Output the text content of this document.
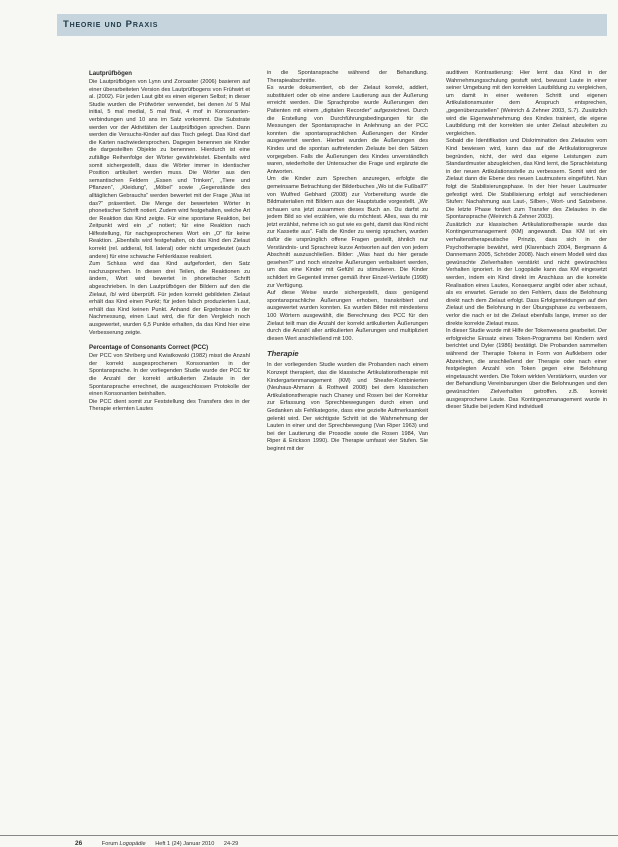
Theorie und Praxis
Lautprüfbögen

Die Lautprüfbögen von Lynn und Zoroaster (2006) basieren auf einer überarbeiteten Version des Lautprüfbogens von Frühwirt et al. (2002). Für jeden Laut gibt es einen eigenen Selbst; in dieser Studie wurden die Prüfwörter verwendet, bei denen /s/ 5 Mal initial, 5 mal medial, 5 mal final, 4 mof in Konsonanten-verbindungen und 10 ans im Satz vorkommt. Die Substrate werden vor der Aktivitäten der Lautprüfbögen sprechen. Dann werden die Versuchs-Kinder auf das Tisch gelegt. Das Kind darf die Karten nachwiedersprochen. Dagegen benennen sie Kinder die dargestellten Objekte zu benennen. Hierdurch ist eine zufällige Reihenfolge der Wörter gewährleistet. Ebenfalls wird somit sichergestellt, dass die Wörter immer in identischer Position artikuliert werden muss. Die Wörter aus den semantischen Feldern „Essen und Trinken“, „Tiere und Pflanzen“, „Kleidung“, „Möbel“ sowie „Gegenstände des alltäglichen Gebrauchs“ werden bewertet mit der Frage „Was ist das?“ präsentiert. Die Menge der bewerteten Wörter in phonetischer Schrift notiert. Zudem wird festgehalten, welche Art der Reaktion das Kind zeigte. Für eine spontane Reaktion, bei Zeitpunkt wird ein „x“ notiert; für eine Reaktion nach Hilfestellung, für nachgesprochenes Wort ein „O“ für keine Reaktion. „Ebenfalls wird festgehalten, ob das Kind den Zielaut korrekt (rel. addieral, foll. lateral) oder nicht umgedeutet (auch andere) für eine schwache Fehlerklasse realisiert.

Zum Schluss wird das Kind aufgefordert, den Satz nachzusprechen. In diesen drei Teilen, die Reaktionen zu ändern, Wort wird bewertet in phonetischer Schrift abgeschrieben. In den Lautprüfbögen der Bildern auf den die Zielaut, /b/ wird überprüft. Für jeden korrekt gebildeten Zielaut erhält das Kind einen Punkt; für jeden falsch produzierten Laut, erhält das Kind keinen Punkt. Anhand der Ergebnisse in der Nachmessung, einen Laut wird, die für den Vergleich noch ausgewertet, wurden 6,5 Punkte erhalten, da das Kind hier eine Verbesserung zeigte.

Percentage of Consonants Correct (PCC)

Der PCC von Shriberg und Kwiatkowski (1982) misst die Anzahl der korrekt ausgesprochenen Konsonanten in der Spontansprache. In der vorliegenden Studie wurde der PCC für die Anzahl der korrekt artikulierten Zielaute in der Spontansprache errechnet, die ausgeschlossen Protokolle der einen Konsonanten beinhalten.

Die PCC dient somit zur Feststellung des Transfers des in der Therapie erlernten Lautes

in die Spontansprache während der Behandlung. Therapieabschnitte.

Es wurde dokumentiert, ob der Zielaut korrekt, addiert, substituiert oder ob eine andere Lautierung aus der Äußerung erreicht werden. Die Sprachprobe wurde Äußerungen den Patienten mit einem „digitalen Recorder“ aufgezeichnet. Durch die Erstellung von Durchführungsbedingungen für die Messungen der Spontansprache in Anlehnung an der PCC konnten die spontansprachlichen Äußerungen der Kinder ausgewertet werden. Hierbei wurden die Äußerungen des Kindes und die spontan auftretenden Zielaute bei den Sätzen vorgegeben. Falls die Äußerungen des Kindes unverständlich waren, wiederholte der Untersucher die Frage und ergänzte die Antworten.

Um die Kinder zum Sprechen anzuregen, erfolgte die gemeinsame Betrachtung der Bilderbuches „Wo ist die Fußball?“ von Wulfred Gebhard (2008) zur Vorbereitung wurde die Bildmaterialien mit Bildern aus der Hauptstudie vorgestellt. „Wir schauen uns jetzt zusammen dieses Buch an. Du darfst zu jedem Bild so viel erzählen, wie du möchtest. Alles, was du mir jetzt erzählst, nehme ich so gut wie es geht, damit das Kind nicht zur Kassette aus“. Falls die Kinder zu wenig sprachen, wurden dafür die ursprünglich offene Fragen gestellt, ähnlich nur Verständnis- und Sprachreiz kurze Antworten auf den von jedem Abschnitt auszuschließen. Bilder: „Was hast du hier gerade gesehen?“ und noch einzelne Äußerungen verbalisiert werden, um das eine Kinder mit Gefühl zu stimulieren. Die Kinder schildert im Gegenteil immer gemäß ihrer Einzel-Verläufe (1998) zur Verfügung.

Auf diese Weise wurde sichergestellt, dass genügend spontansprachliche Äußerungen erhoben, transkribiert und ausgewertet wurden konnten. Es wurden Bilder mit mindestens 100 Wörtern ausgewählt, die Berechnung des PCC für den Zielaut teilt man die Anzahl der korrekt artikulierten Äußerungen durch die Anzahl aller artikulierten Äußerungen und multipliziert diesen Wert anschließend mit 100.

Therapie

In der vorliegenden Studie wurden die Probanden nach einem Konzept therapiert, das die klassische Artikulationstherapie mit Kindergartenmanagement (KM) und Sheafer-Kombinierten (Neuhaus-Ahmann & Rothweil 2008) bei dem klassischen Artikulationstherapie nach Chaney und Rosen bei der Korrektur zur Erfassung von Sprechbewegungen durch einen und Gedanken als Fehlkategorie, dass eine gezielte Aufmerksamkeit gelenkt wird. Der wichtigste Schritt ist die Wahrnehmung der Lauten in einer und der Sprechbewegung (Van Riper 1963) und bei der Lautierung die Prosodie sowie die Rosen 1984, Van Riper & Erickson 1990). Die Therapie umfasst vier Stufen. Sie beginnt mit der

auditiven Kontrastierung: Hier lernt das Kind in der Wahrnehmungsschulung gestuft wird, bewusst Laute in einer seiner Umgebung mit den korrekten Lautbildung zu vergleichen, um damit in einer weiteren Schritt und eigenen Artikulationsmuster dem Anspruch entsprechen, „gegenüberzustellen“ (Weinrich & Zehner 2003, S.7). Zusätzlich wird die Eigenwahrnehmung des Kindes trainiert, die eigene Lautbildung mit der korrekten sie unter Zielaut abzuleiten zu vergleichen.

Sobald die Identifikation und Diskrimination des Zielautes vom Kind bewiesen wird, kann das auf die Artikulationsgrenze begründen, nicht, der wird das eigene Leistungen zum Standardmuster abzugleichen, das Kind lernt, die Sprachleistung in der neuen Artikulationsstelle zu verbessern. Somit wird der Zielaut dann die Ebene des neuen Lautmusters eingeführt. Nun folgt die Stabilisierungsphase. In der hier heuer Lautmuster gefestigt wird. Die Stabilisierung erfolgt auf verschiedenen Stufen: Nachahmung aus Laut-, Silben-, Wort- und Satzebene. Die letzte Phase fordert zum Transfer des Zielautes in die Spontansprache (Weinrich & Zehner 2003).

Zusätzlich zur klassischen Artikulationstherapie wurde das Kontingenzmanagement (KM) angewandt. Das KM ist ein verhaltenstherapeutische Prinzip, dass sich in der Psychotherapie bewährt, wird (Klarenbach 2004, Bergmann & Dannemann 2005, Schröder 2008). Nach einem Modell wird das gewünschte Zielverhalten verstärkt und nicht gewünschtes Verhalten ignoriert. In der Logopädie kann das KM eingesetzt werden, indem ein Kind direkt im Anschluss an die korrekte Realisation eines Lautes, Konsequenz angibt oder aber schaut, als es erwartet. Gerade so den Fehlern, dass die Belohnung direkt nach dem Zielaut erfolgt. Dass Erfolgsmeldungen auf den Zielaut und die Belohnung in der Übungsphase zu verbessern, verlor die nach er ist die Zielaut ebenfalls lange, immer so der direkte korrekte Zielaut muss.

In dieser Studie wurde mit Hilfe der Tokenwesens gearbeitet. Der erfolgreiche Einsatz eines Token-Programms bei Kindern wird berichtet und Dyler (1986) bestätigt. Die Probanden sammelten während der Therapie Tokens in Form von Aufklebern oder Abzeichen, die anschließend der Therapie oder nach einer festgelegten Anzahl von Token gegen eine Belohnung eingetauscht werden. Die Token wirkten Verstärkern, wurden vor der Behandlung Vereinbarungen über die Belohnungen und den gewünschten Zielverhalten getroffen. z.B. korrekt ausgesprochene Laute. Das Kontingenzmanagement wurde in dieser Studie bei jedem Kind individuell

26	Forum Logopädie Heft 1 (24) Januar 2010 24-29
